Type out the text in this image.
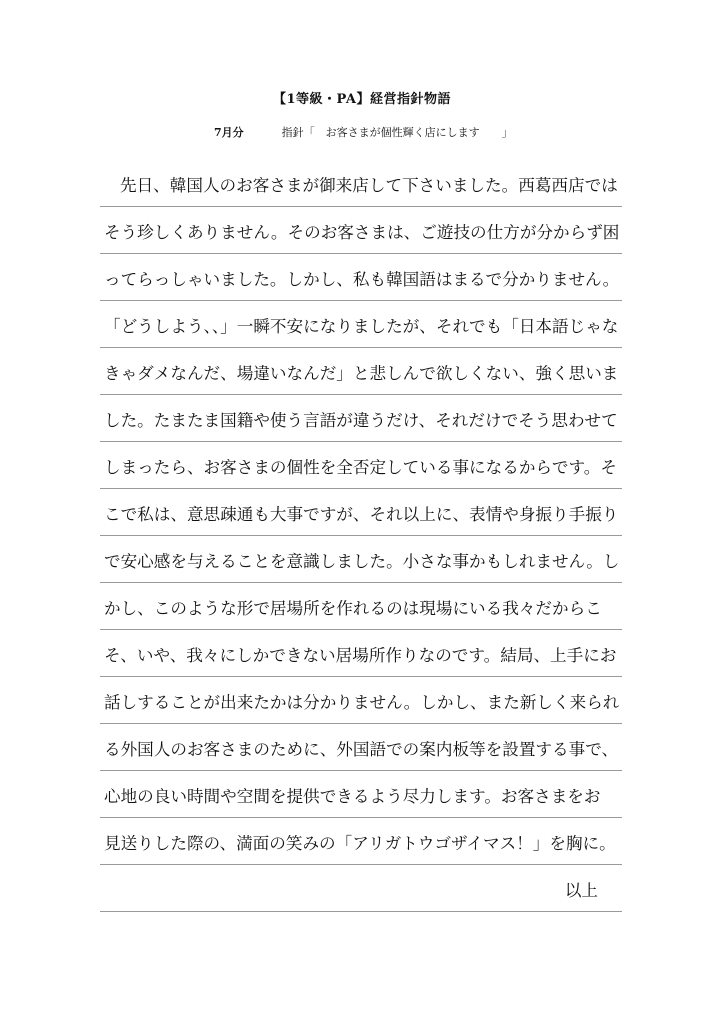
【1等級・PA】経営指針物語
7月分	指針「　お客さまが個性輝く店にします　　」
先日、韓国人のお客さまが御来店して下さいました。西葛西店では
そう珍しくありません。そのお客さまは、ご遊技の仕方が分からず困
ってらっしゃいました。しかし、私も韓国語はまるで分かりません。
「どうしよう、、」一瞬不安になりましたが、それでも「日本語じゃな
きゃダメなんだ、場違いなんだ」と悲しんで欲しくない、強く思いま
した。たまたま国籍や使う言語が違うだけ、それだけでそう思わせて
しまったら、お客さまの個性を全否定している事になるからです。そ
こで私は、意思疎通も大事ですが、それ以上に、表情や身振り手振り
で安心感を与えることを意識しました。小さな事かもしれません。し
かし、このような形で居場所を作れるのは現場にいる我々だからこ
そ、いや、我々にしかできない居場所作りなのです。結局、上手にお
話しすることが出来たかは分かりません。しかし、また新しく来られ
る外国人のお客さまのために、外国語での案内板等を設置する事で、
心地の良い時間や空間を提供できるよう尽力します。お客さまをお
見送りした際の、満面の笑みの「アリガトウゴザイマス！」を胸に。
以上
